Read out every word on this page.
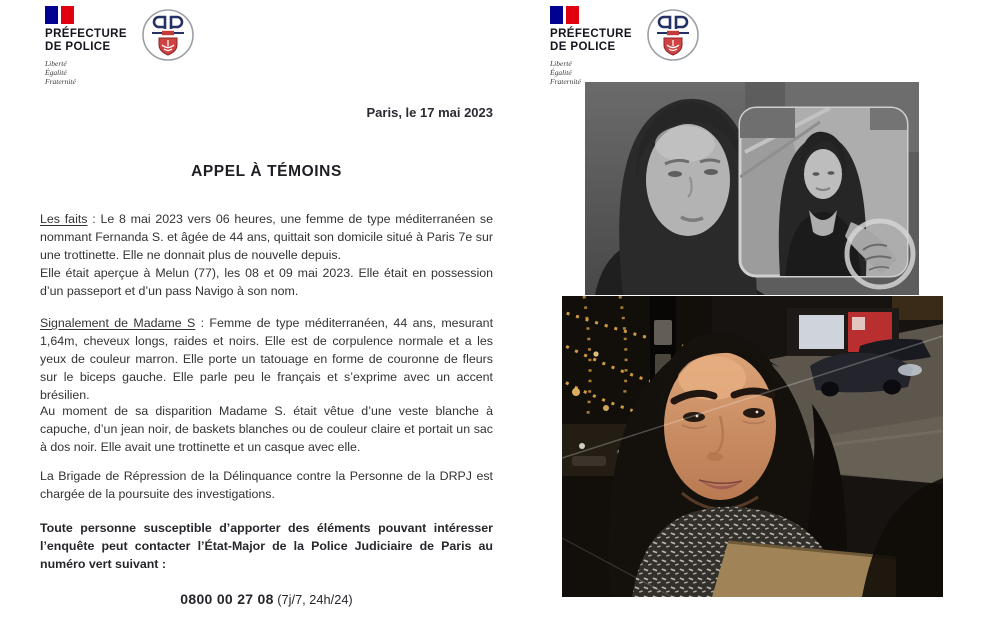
PRÉFECTURE
DE POLICE
Liberté
Égalité
Fraternité
Paris, le 17 mai 2023
APPEL À TÉMOINS

Les faits : Le 8 mai 2023 vers 06 heures, une femme de type méditerranéen se nommant Fernanda S. et âgée de 44 ans, quittait son domicile situé à Paris 7e sur une trottinette. Elle ne donnait plus de nouvelle depuis.

Elle était aperçue à Melun (77), les 08 et 09 mai 2023. Elle était en possession d’un passeport et d’un pass Navigo à son nom.

Signalement de Madame S : Femme de type méditerranéen, 44 ans, mesurant 1,64m, cheveux longs, raides et noirs. Elle est de corpulence normale et a les yeux de couleur marron. Elle porte un tatouage en forme de couronne de fleurs sur le biceps gauche. Elle parle peu le français et s’exprime avec un accent brésilien.

Au moment de sa disparition Madame S. était vêtue d’une veste blanche à capuche, d’un jean noir, de baskets blanches ou de couleur claire et portait un sac à dos noir. Elle avait une trottinette et un casque avec elle.

La Brigade de Répression de la Délinquance contre la Personne de la DRPJ est chargée de la poursuite des investigations.

Toute personne susceptible d’apporter des éléments pouvant intéresser l’enquête peut contacter l’État-Major de la Police Judiciaire de Paris au numéro vert suivant :

0800 00 27 08 (7j/7, 24h/24)

PRÉFECTURE
DE POLICE
Liberté
Égalité
Fraternité
